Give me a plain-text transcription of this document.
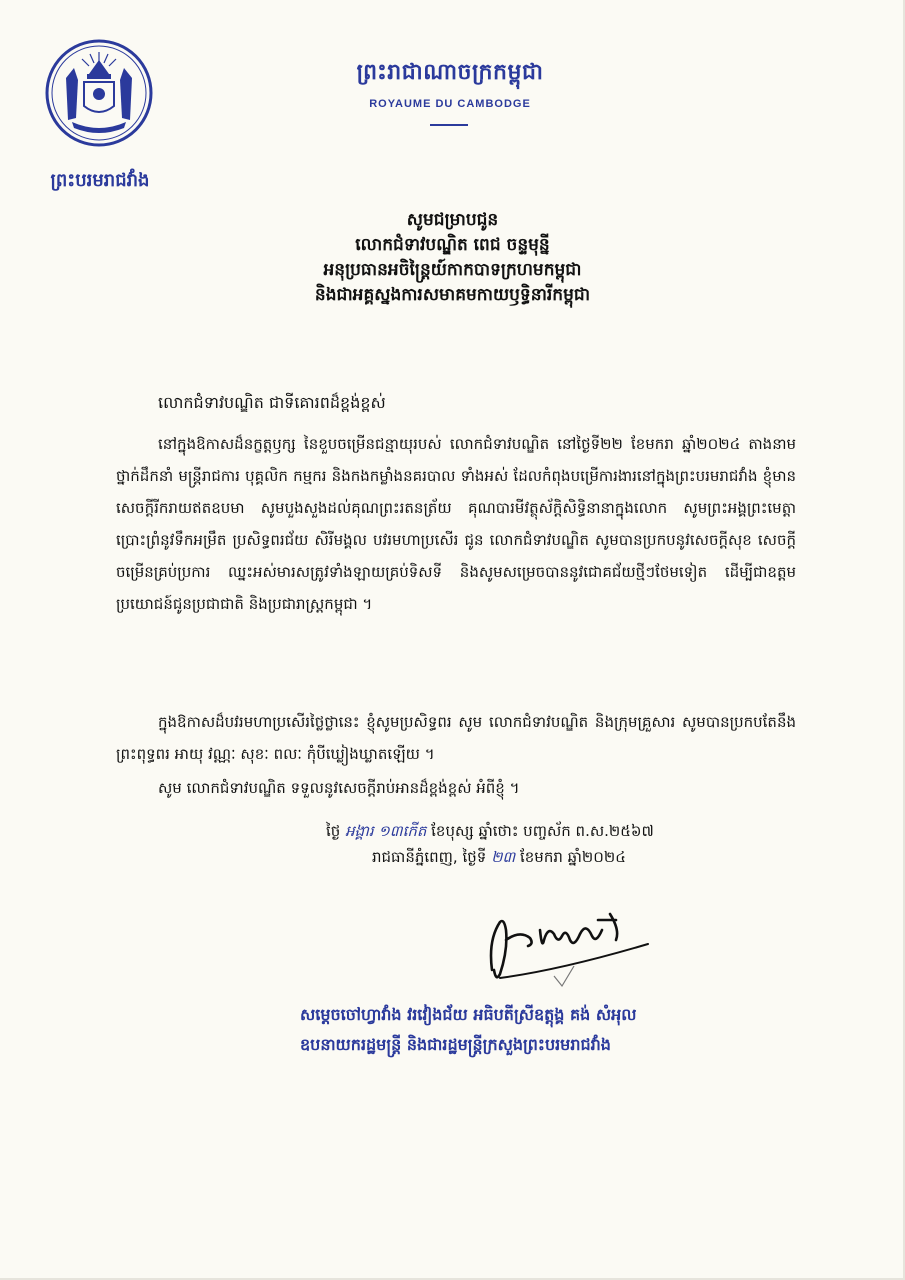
ព្រះបរមរាជវាំង
ព្រះរាជាណាចក្រកម្ពុជា
ROYAUME DU CAMBODGE
សូមជម្រាបជូន
លោកជំទាវបណ្ឌិត ពេជ ចន្ទមុន្នី
អនុប្រធានអចិន្ត្រៃយ៍កាកបាទក្រហមកម្ពុជា
និងជាអគ្គស្នងការសមាគមកាយឫទ្ធិនារីកម្ពុជា
លោកជំទាវបណ្ឌិត ជាទីគោរពដ៏ខ្ពង់ខ្ពស់
នៅក្នុងឱកាសដ៏នក្ខត្តឫក្ស នៃខួបចម្រើនជន្មាយុរបស់ លោកជំទាវបណ្ឌិត នៅថ្ងៃទី២២ ខែមករា ឆ្នាំ២០២៤ តាងនាមថ្នាក់ដឹកនាំ មន្ត្រីរាជការ បុគ្គលិក កម្មករ និងកងកម្លាំងនគរបាល ទាំងអស់ ដែលកំពុងបម្រើការងារនៅក្នុងព្រះបរមរាជវាំង ខ្ញុំមានសេចក្តីរីករាយឥតឧបមា សូមបួងសួងដល់គុណព្រះរតនត្រ័យ គុណបារមីវត្ថុស័ក្តិសិទ្ធិនានាក្នុងលោក សូមព្រះអង្គព្រះមេត្តាប្រោះព្រំនូវទឹកអម្រឹត ប្រសិទ្ធពរជ័យ សិរីមង្គល បវរមហាប្រសើរ ជូន លោកជំទាវបណ្ឌិត សូមបានប្រកបនូវសេចក្តីសុខ សេចក្តីចម្រើនគ្រប់ប្រការ ឈ្នះអស់មារសត្រូវទាំងឡាយគ្រប់ទិសទី និងសូមសម្រេចបាននូវជោគជ័យថ្មីៗថែមទៀត ដើម្បីជាឧត្តមប្រយោជន៍ជូនប្រជាជាតិ និងប្រជារាស្ត្រកម្ពុជា ។
ក្នុងឱកាសដ៏បវរមហាប្រសើរថ្លៃថ្លានេះ ខ្ញុំសូមប្រសិទ្ធពរ សូម លោកជំទាវបណ្ឌិត និងក្រុមគ្រួសារ សូមបានប្រកបតែនឹងព្រះពុទ្ធពរ អាយុ វណ្ណៈ សុខៈ ពលៈ កុំបីឃ្លៀងឃ្លាតឡើយ ។
សូម លោកជំទាវបណ្ឌិត ទទួលនូវសេចក្តីរាប់អានដ៏ខ្ពង់ខ្ពស់ អំពីខ្ញុំ ។
ថ្ងៃ អង្គារ ១៣កើត ខែបុស្ស ឆ្នាំថោះ បញ្ចស័ក ព.ស.២៥៦៧
រាជធានីភ្នំពេញ, ថ្ងៃទី ២៣ ខែមករា ឆ្នាំ២០២៤
សម្តេចចៅហ្វាវាំង វរវៀងជ័យ អធិបតីស្រីឧត្ដុង្គ គង់ សំអុល
ឧបនាយករដ្ឋមន្ត្រី និងជារដ្ឋមន្ត្រីក្រសួងព្រះបរមរាជវាំង
